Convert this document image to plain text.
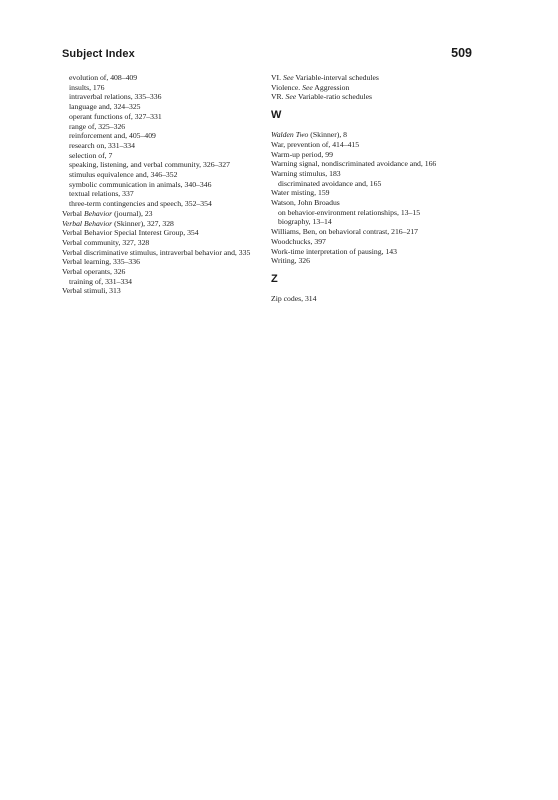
Subject Index	509
evolution of, 408–409
insults, 176
intraverbal relations, 335–336
language and, 324–325
operant functions of, 327–331
range of, 325–326
reinforcement and, 405–409
research on, 331–334
selection of, 7
speaking, listening, and verbal community, 326–327
stimulus equivalence and, 346–352
symbolic communication in animals, 340–346
textual relations, 337
three-term contingencies and speech, 352–354
Verbal Behavior (journal), 23
Verbal Behavior (Skinner), 327, 328
Verbal Behavior Special Interest Group, 354
Verbal community, 327, 328
Verbal discriminative stimulus, intraverbal behavior and, 335
Verbal learning, 335–336
Verbal operants, 326
training of, 331–334
Verbal stimuli, 313
VI. See Variable-interval schedules
Violence. See Aggression
VR. See Variable-ratio schedules
W
Walden Two (Skinner), 8
War, prevention of, 414–415
Warm-up period, 99
Warning signal, nondiscriminated avoidance and, 166
Warning stimulus, 183
discriminated avoidance and, 165
Water misting, 159
Watson, John Broadus
on behavior-environment relationships, 13–15
biography, 13–14
Williams, Ben, on behavioral contrast, 216–217
Woodchucks, 397
Work-time interpretation of pausing, 143
Writing, 326
Z
Zip codes, 314
